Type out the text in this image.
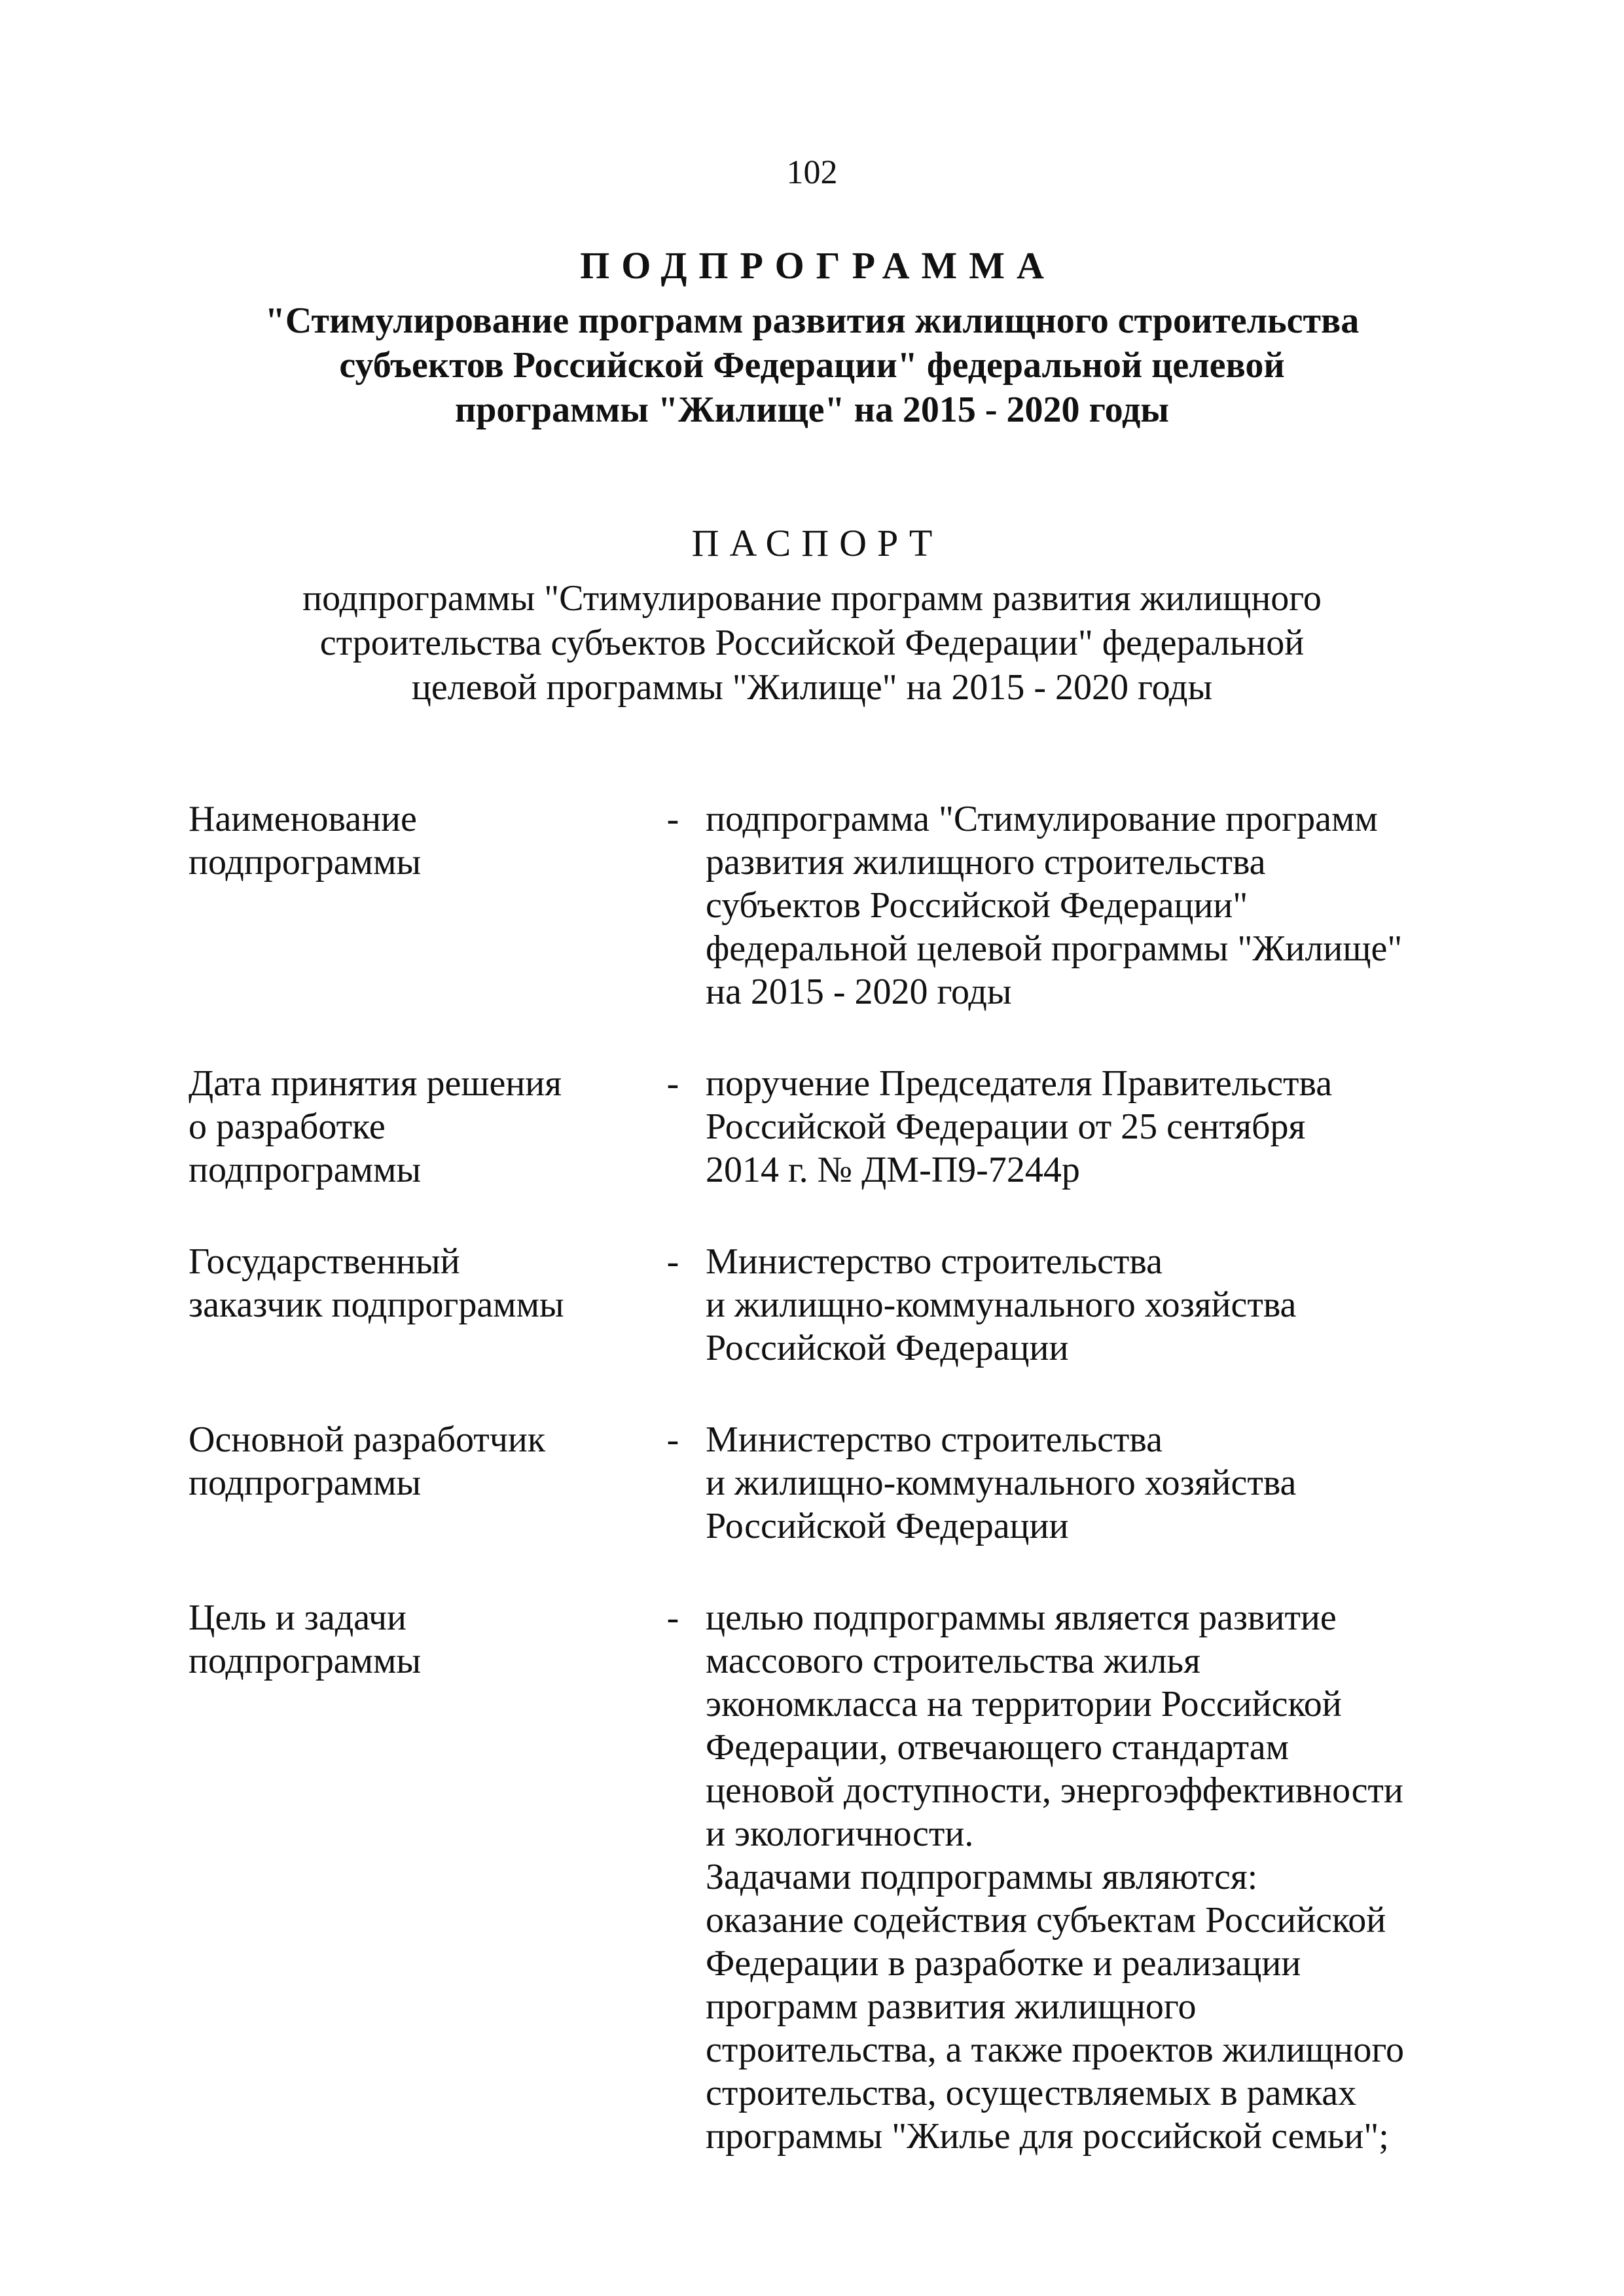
102
ПОДПРОГРАММА
"Стимулирование программ развития жилищного строительства
субъектов Российской Федерации" федеральной целевой
программы "Жилище" на 2015 - 2020 годы
ПАСПОРТ
подпрограммы "Стимулирование программ развития жилищного
строительства субъектов Российской Федерации" федеральной
целевой программы "Жилище" на 2015 - 2020 годы
Наименование
подпрограммы
- подпрограмма "Стимулирование программ
развития жилищного строительства
субъектов Российской Федерации"
федеральной целевой программы "Жилище"
на 2015 - 2020 годы
Дата принятия решения
о разработке
подпрограммы
- поручение Председателя Правительства
Российской Федерации от 25 сентября
2014 г. № ДМ-П9-7244р
Государственный
заказчик подпрограммы
- Министерство строительства
и жилищно-коммунального хозяйства
Российской Федерации
Основной разработчик
подпрограммы
- Министерство строительства
и жилищно-коммунального хозяйства
Российской Федерации
Цель и задачи
подпрограммы
- целью подпрограммы является развитие
массового строительства жилья
экономкласса на территории Российской
Федерации, отвечающего стандартам
ценовой доступности, энергоэффективности
и экологичности.
Задачами подпрограммы являются:
оказание содействия субъектам Российской
Федерации в разработке и реализации
программ развития жилищного
строительства, а также проектов жилищного
строительства, осуществляемых в рамках
программы "Жилье для российской семьи";
